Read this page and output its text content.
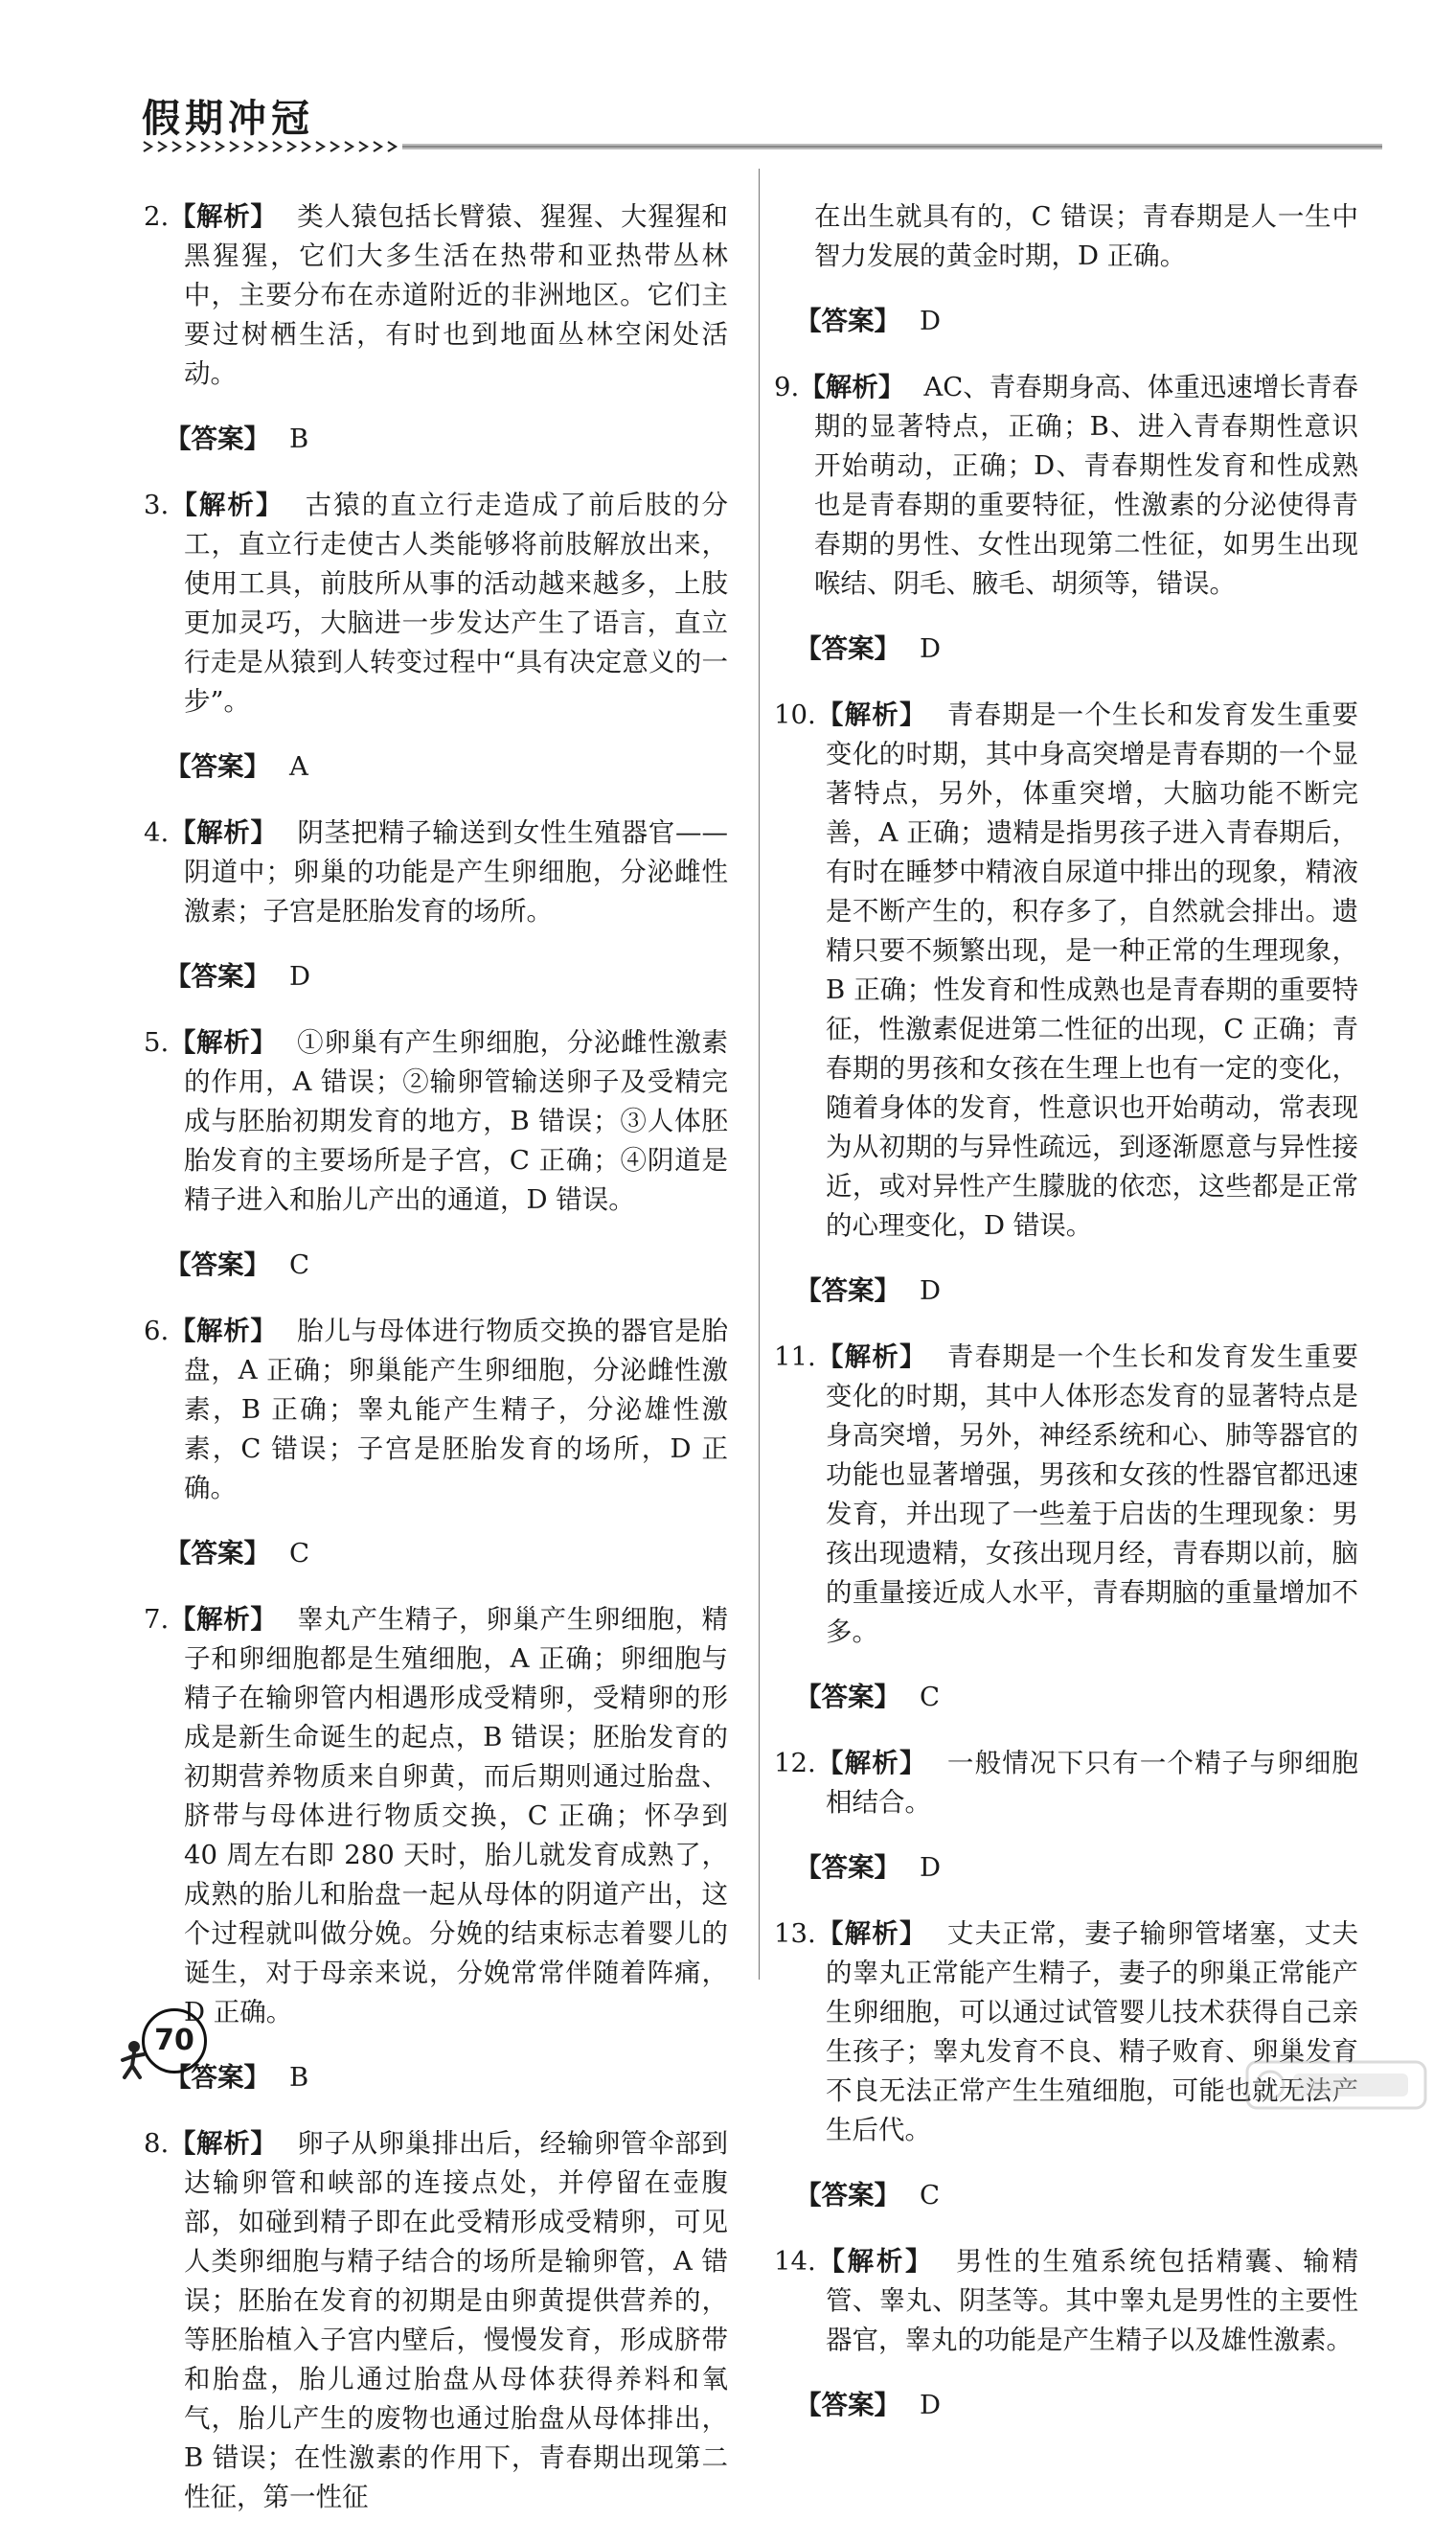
假期冲冠

2.【解析】 类人猿包括长臂猿、猩猩、大猩猩和黑猩猩，它们大多生活在热带和亚热带丛林中，主要分布在赤道附近的非洲地区。它们主要过树栖生活，有时也到地面丛林空闲处活动。

【答案】 B

3.【解析】 古猿的直立行走造成了前后肢的分工，直立行走使古人类能够将前肢解放出来，使用工具，前肢所从事的活动越来越多，上肢更加灵巧，大脑进一步发达产生了语言，直立行走是从猿到人转变过程中“具有决定意义的一步”。

【答案】 A

4.【解析】 阴茎把精子输送到女性生殖器官——阴道中；卵巢的功能是产生卵细胞，分泌雌性激素；子宫是胚胎发育的场所。

【答案】 D

5.【解析】 ①卵巢有产生卵细胞，分泌雌性激素的作用，A 错误；②输卵管输送卵子及受精完成与胚胎初期发育的地方，B 错误；③人体胚胎发育的主要场所是子宫，C 正确；④阴道是精子进入和胎儿产出的通道，D 错误。

【答案】 C

6.【解析】 胎儿与母体进行物质交换的器官是胎盘，A 正确；卵巢能产生卵细胞，分泌雌性激素，B 正确；睾丸能产生精子，分泌雄性激素，C 错误；子宫是胚胎发育的场所，D 正确。

【答案】 C

7.【解析】 睾丸产生精子，卵巢产生卵细胞，精子和卵细胞都是生殖细胞，A 正确；卵细胞与精子在输卵管内相遇形成受精卵，受精卵的形成是新生命诞生的起点，B 错误；胚胎发育的初期营养物质来自卵黄，而后期则通过胎盘、脐带与母体进行物质交换，C 正确；怀孕到 40 周左右即 280 天时，胎儿就发育成熟了，成熟的胎儿和胎盘一起从母体的阴道产出，这个过程就叫做分娩。分娩的结束标志着婴儿的诞生，对于母亲来说，分娩常常伴随着阵痛，D 正确。

【答案】 B

8.【解析】 卵子从卵巢排出后，经输卵管伞部到达输卵管和峡部的连接点处，并停留在壶腹部，如碰到精子即在此受精形成受精卵，可见人类卵细胞与精子结合的场所是输卵管，A 错误；胚胎在发育的初期是由卵黄提供营养的，等胚胎植入子宫内壁后，慢慢发育，形成脐带和胎盘，胎儿通过胎盘从母体获得养料和氧气，胎儿产生的废物也通过胎盘从母体排出，B 错误；在性激素的作用下，青春期出现第二性征，第一性征

在出生就具有的，C 错误；青春期是人一生中智力发展的黄金时期，D 正确。

【答案】 D

9.【解析】 AC、青春期身高、体重迅速增长青春期的显著特点，正确；B、进入青春期性意识开始萌动，正确；D、青春期性发育和性成熟也是青春期的重要特征，性激素的分泌使得青春期的男性、女性出现第二性征，如男生出现喉结、阴毛、腋毛、胡须等，错误。

【答案】 D

10.【解析】 青春期是一个生长和发育发生重要变化的时期，其中身高突增是青春期的一个显著特点，另外，体重突增，大脑功能不断完善，A 正确；遗精是指男孩子进入青春期后，有时在睡梦中精液自尿道中排出的现象，精液是不断产生的，积存多了，自然就会排出。遗精只要不频繁出现，是一种正常的生理现象，B 正确；性发育和性成熟也是青春期的重要特征，性激素促进第二性征的出现，C 正确；青春期的男孩和女孩在生理上也有一定的变化，随着身体的发育，性意识也开始萌动，常表现为从初期的与异性疏远，到逐渐愿意与异性接近，或对异性产生朦胧的依恋，这些都是正常的心理变化，D 错误。

【答案】 D

11.【解析】 青春期是一个生长和发育发生重要变化的时期，其中人体形态发育的显著特点是身高突增，另外，神经系统和心、肺等器官的功能也显著增强，男孩和女孩的性器官都迅速发育，并出现了一些羞于启齿的生理现象：男孩出现遗精，女孩出现月经，青春期以前，脑的重量接近成人水平，青春期脑的重量增加不多。

【答案】 C

12.【解析】 一般情况下只有一个精子与卵细胞相结合。

【答案】 D

13.【解析】 丈夫正常，妻子输卵管堵塞，丈夫的睾丸正常能产生精子，妻子的卵巢正常能产生卵细胞，可以通过试管婴儿技术获得自己亲生孩子；睾丸发育不良、精子败育、卵巢发育不良无法正常产生生殖细胞，可能也就无法产生后代。

【答案】 C

14.【解析】 男性的生殖系统包括精囊、输精管、睾丸、阴茎等。其中睾丸是男性的主要性器官，睾丸的功能是产生精子以及雄性激素。

【答案】 D

70
